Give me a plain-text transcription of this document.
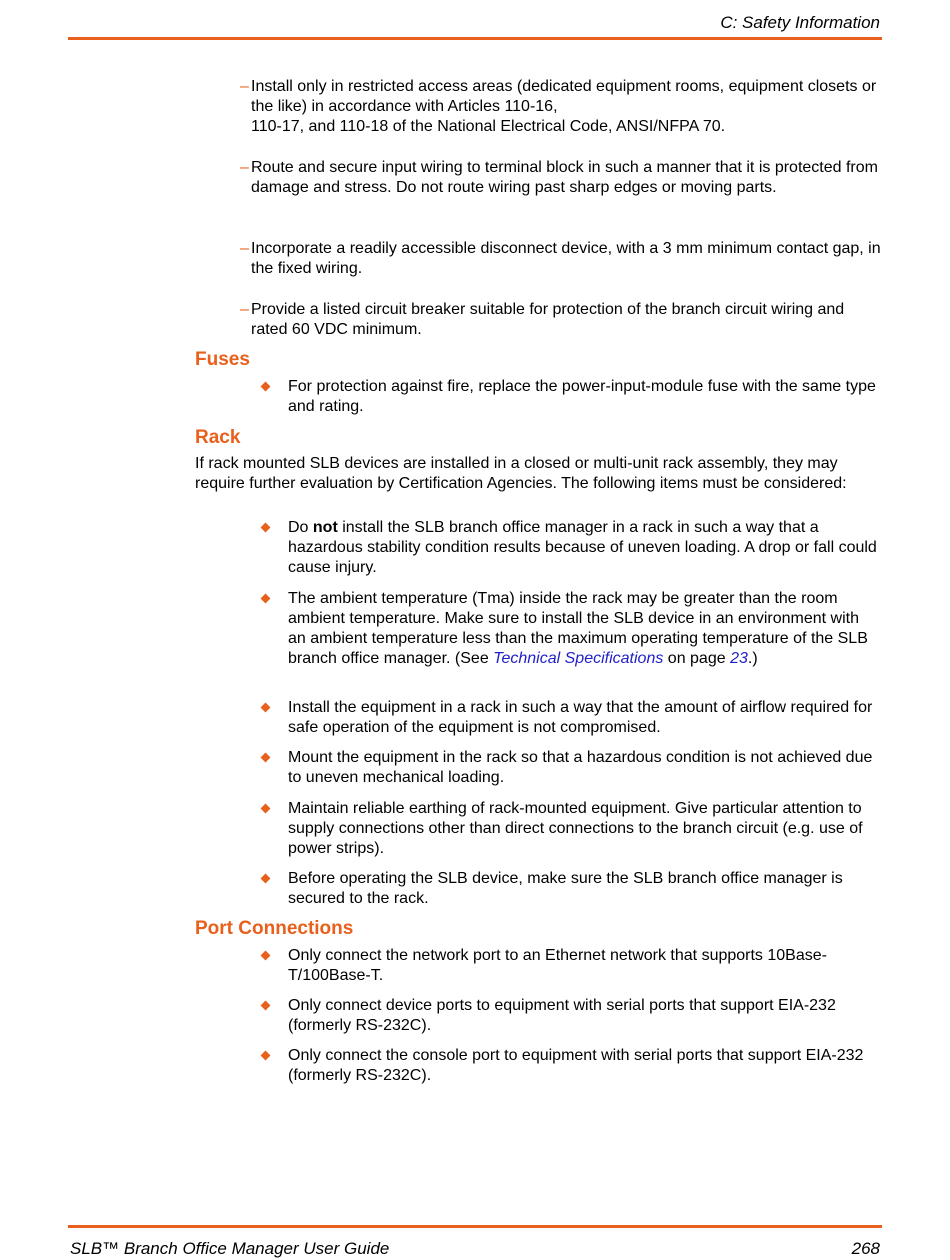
C: Safety Information
– Install only in restricted access areas (dedicated equipment rooms, equipment closets or the like) in accordance with Articles 110-16,
110-17, and 110-18 of the National Electrical Code, ANSI/NFPA 70.
– Route and secure input wiring to terminal block in such a manner that it is protected from damage and stress. Do not route wiring past sharp edges or moving parts.
– Incorporate a readily accessible disconnect device, with a 3 mm minimum contact gap, in the fixed wiring.
– Provide a listed circuit breaker suitable for protection of the branch circuit wiring and rated 60 VDC minimum.
Fuses
For protection against fire, replace the power-input-module fuse with the same type and rating.
Rack
If rack mounted SLB devices are installed in a closed or multi-unit rack assembly, they may require further evaluation by Certification Agencies. The following items must be considered:
Do not install the SLB branch office manager in a rack in such a way that a hazardous stability condition results because of uneven loading. A drop or fall could cause injury.
The ambient temperature (Tma) inside the rack may be greater than the room ambient temperature. Make sure to install the SLB device in an environment with an ambient temperature less than the maximum operating temperature of the SLB branch office manager. (See Technical Specifications on page 23.)
Install the equipment in a rack in such a way that the amount of airflow required for safe operation of the equipment is not compromised.
Mount the equipment in the rack so that a hazardous condition is not achieved due to uneven mechanical loading.
Maintain reliable earthing of rack-mounted equipment. Give particular attention to supply connections other than direct connections to the branch circuit (e.g. use of power strips).
Before operating the SLB device, make sure the SLB branch office manager is secured to the rack.
Port Connections
Only connect the network port to an Ethernet network that supports 10Base-T/100Base-T.
Only connect device ports to equipment with serial ports that support EIA-232 (formerly RS-232C).
Only connect the console port to equipment with serial ports that support EIA-232 (formerly RS-232C).
SLB™ Branch Office Manager User Guide	268
